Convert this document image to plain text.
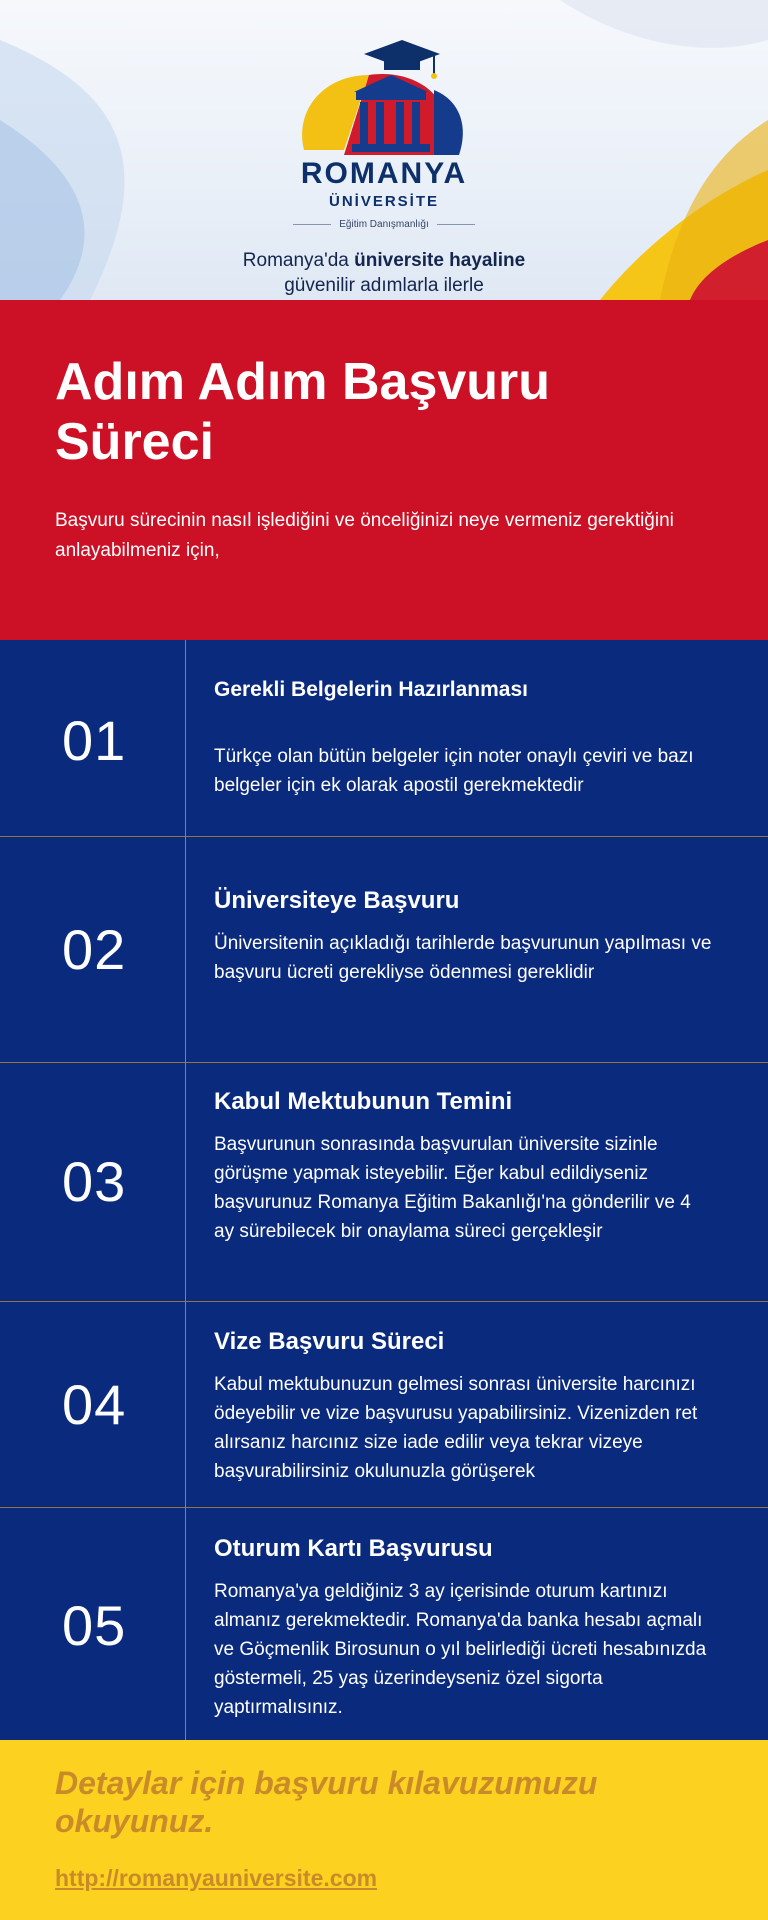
ROMANYA
ÜNİVERSİTE
Eğitim Danışmanlığı
Romanya'da üniversite hayaline
güvenilir adımlarla ilerle
Adım Adım Başvuru Süreci

Başvuru sürecinin nasıl işlediğini ve önceliğinizi neye vermeniz gerektiğini anlayabilmeniz için,

01
Gerekli Belgelerin Hazırlanması
Türkçe olan bütün belgeler için noter onaylı çeviri ve bazı belgeler için ek olarak apostil gerekmektedir
02
Üniversiteye Başvuru
Üniversitenin açıkladığı tarihlerde başvurunun yapılması ve başvuru ücreti gerekliyse ödenmesi gereklidir
03
Kabul Mektubunun Temini
Başvurunun sonrasında başvurulan üniversite sizinle görüşme yapmak isteyebilir. Eğer kabul edildiyseniz başvurunuz Romanya Eğitim Bakanlığı'na gönderilir ve 4 ay sürebilecek bir onaylama süreci gerçekleşir
04
Vize Başvuru Süreci
Kabul mektubunuzun gelmesi sonrası üniversite harcınızı ödeyebilir ve vize başvurusu yapabilirsiniz. Vizenizden ret alırsanız harcınız size iade edilir veya tekrar vizeye başvurabilirsiniz okulunuzla görüşerek
05
Oturum Kartı Başvurusu
Romanya'ya geldiğiniz 3 ay içerisinde oturum kartınızı almanız gerekmektedir. Romanya'da banka hesabı açmalı ve Göçmenlik Birosunun o yıl belirlediği ücreti hesabınızda göstermeli, 25 yaş üzerindeyseniz özel sigorta yaptırmalısınız.
Detaylar için başvuru kılavuzumuzu okuyunuz.
http://romanyauniversite.com
